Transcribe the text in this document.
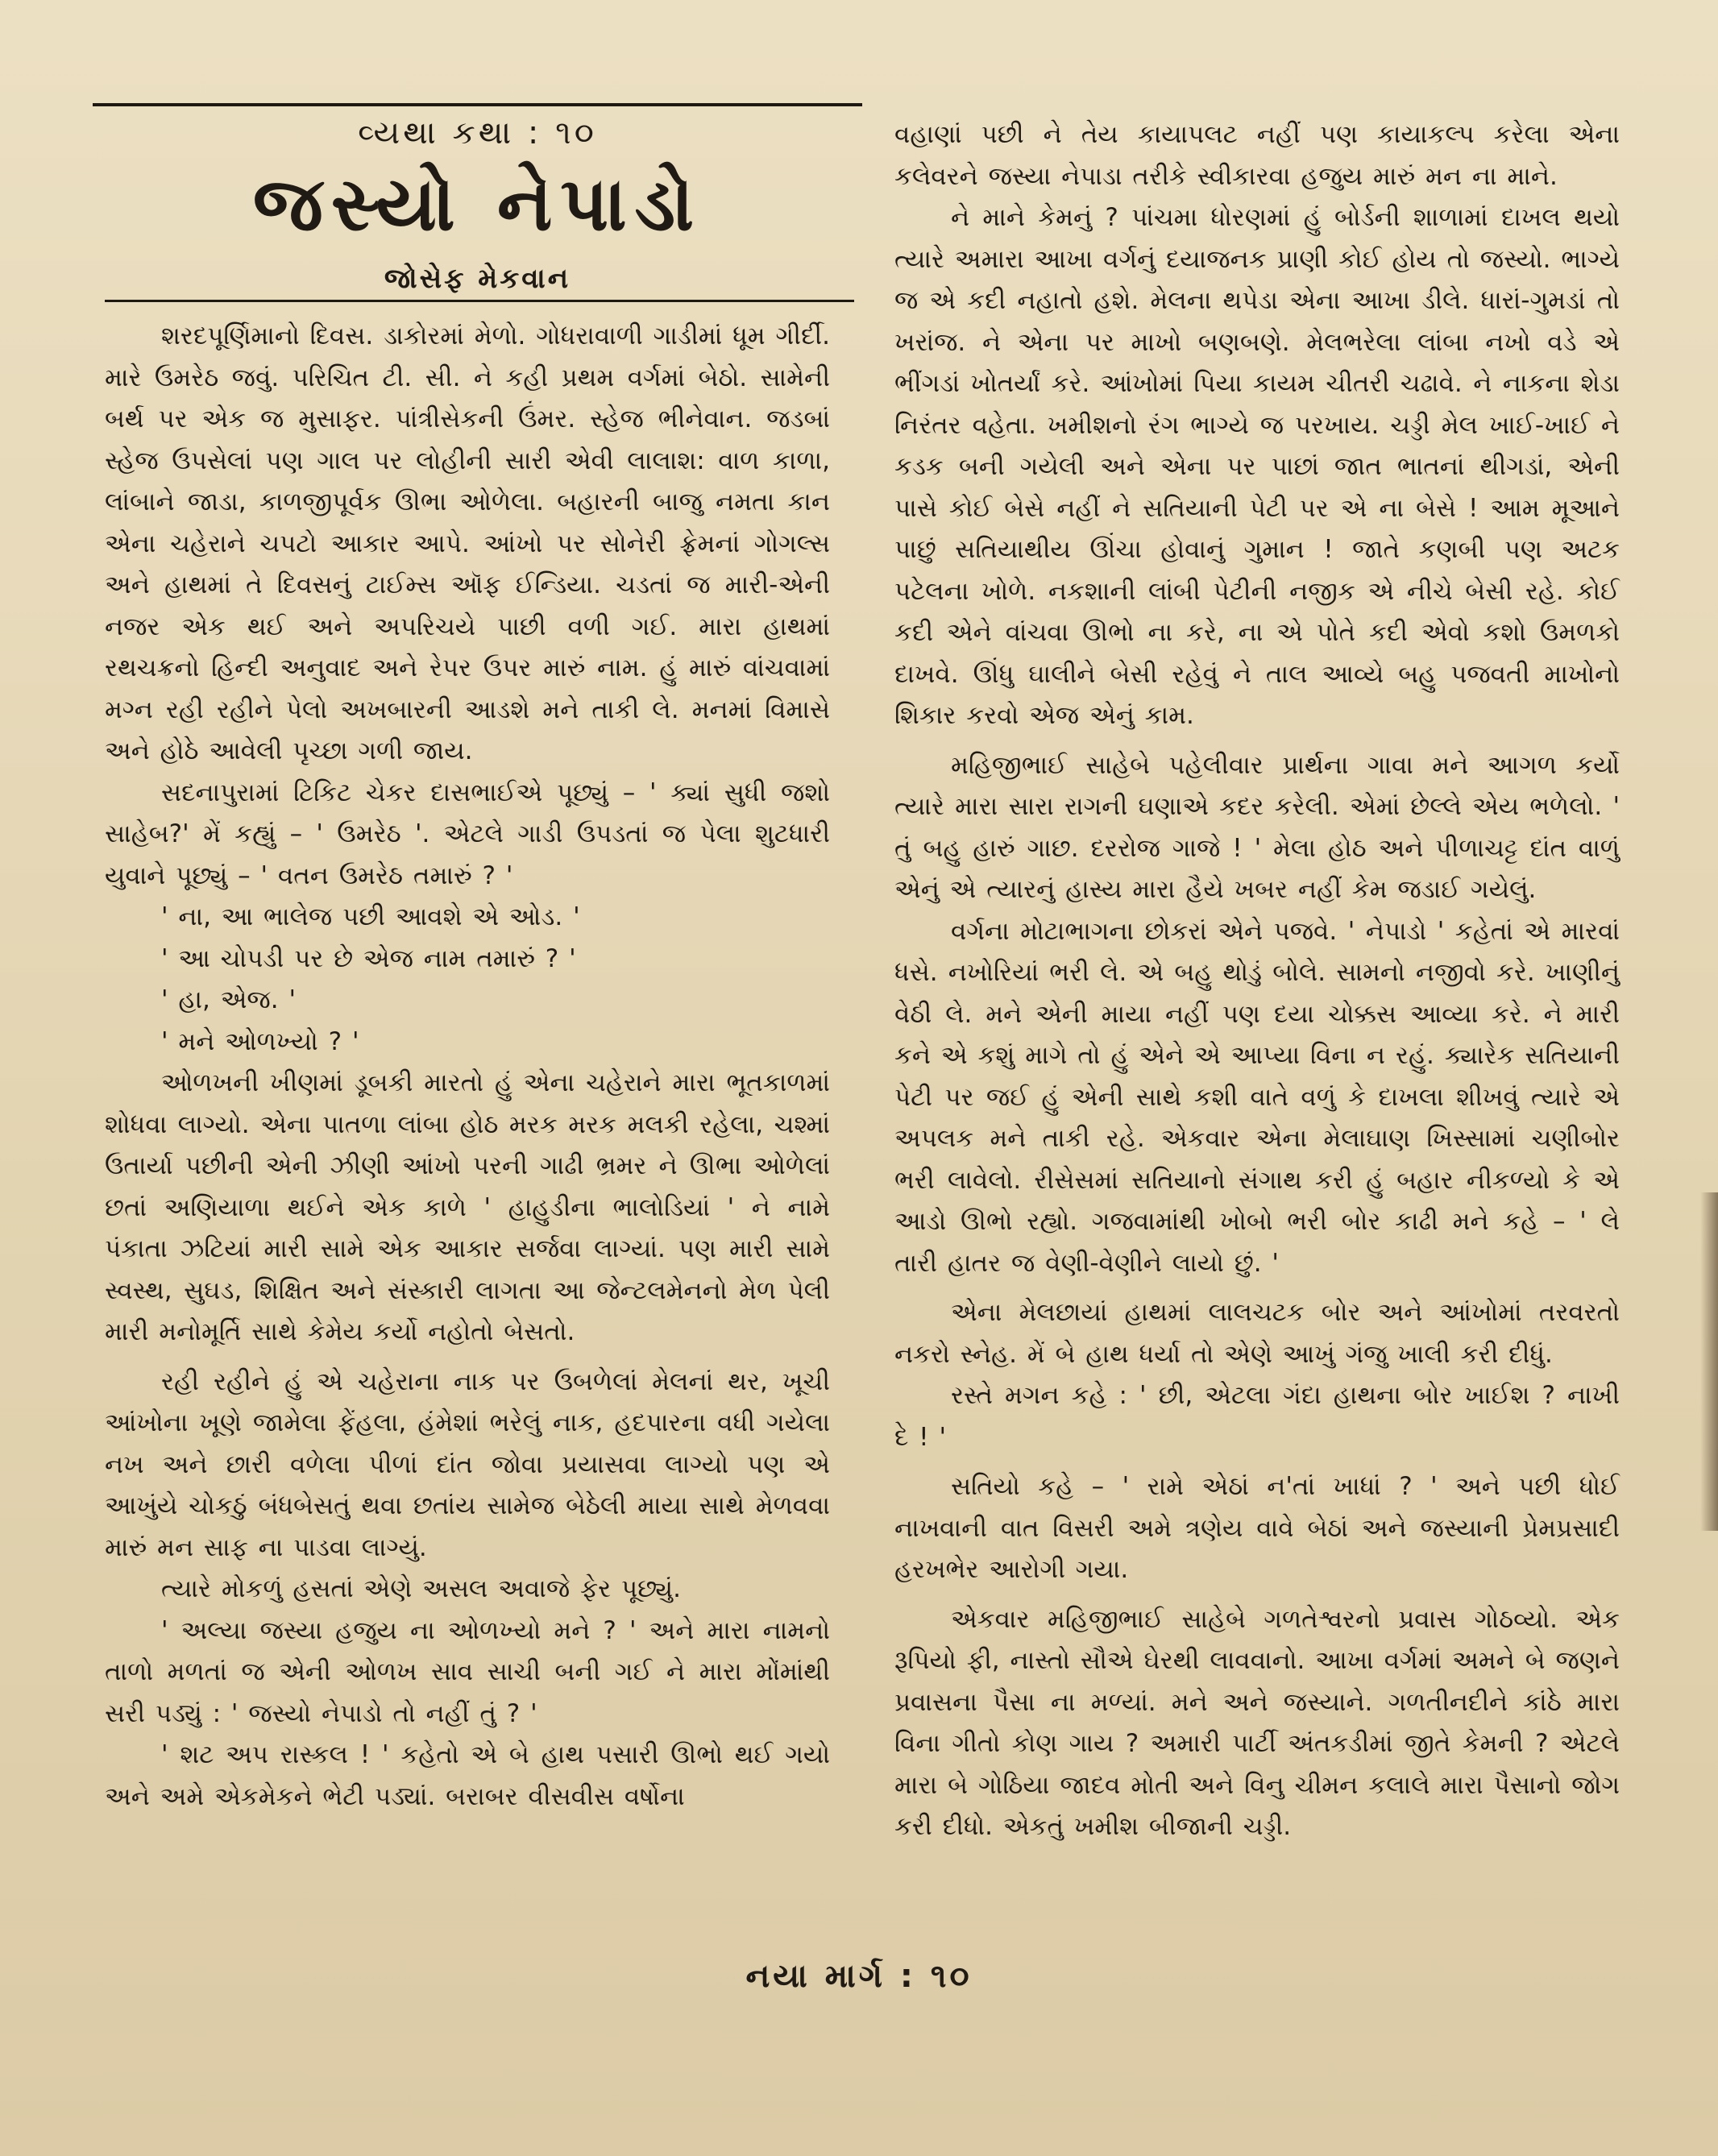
વ્યથા કથા : ૧૦
જસ્યો નેપાડો
જોસેફ મેકવાન

શરદપૂર્ણિમાનો દિવસ. ડાકોરમાં મેળો. ગોધરાવાળી ગાડીમાં ધૂમ ગીર્દી. મારે ઉમરેઠ જવું. પરિચિત ટી. સી. ને કહી પ્રથમ વર્ગમાં બેઠો. સામેની બર્થ પર એક જ મુસાફર. પાંત્રીસેકની ઉંમર. સ્હેજ ભીનેવાન. જડબાં સ્હેજ ઉપસેલાં પણ ગાલ પર લોહીની સારી એવી લાલાશ: વાળ કાળા, લાંબાને જાડા, કાળજીપૂર્વક ઊભા ઓળેલા. બહારની બાજુ નમતા કાન એના ચહેરાને ચપટો આકાર આપે. આંખો પર સોનેરી ફ્રેમનાં ગોગલ્સ અને હાથમાં તે દિવસનું ટાઈમ્સ ઑફ ઈન્ડિયા. ચડતાં જ મારી-એની નજર એક થઈ અને અપરિચયે પાછી વળી ગઈ. મારા હાથમાં રથચક્રનો હિન્દી અનુવાદ અને રેપર ઉપર મારું નામ. હું મારું વાંચવામાં મગ્ન રહી રહીને પેલો અખબારની આડશે મને તાકી લે. મનમાં વિમાસે અને હોઠે આવેલી પૃચ્છા ગળી જાય.

સદનાપુરામાં ટિકિટ ચેકર દાસભાઈએ પૂછ્યું – ' ક્યાં સુધી જશો સાહેબ?' મેં કહ્યું – ' ઉમરેઠ '. એટલે ગાડી ઉપડતાં જ પેલા શુટધારી યુવાને પૂછ્યું – ' વતન ઉમરેઠ તમારું ? '

' ના, આ ભાલેજ પછી આવશે એ ઓડ. '

' આ ચોપડી પર છે એજ નામ તમારું ? '

' હા, એજ. '

' મને ઓળખ્યો ? '

ઓળખની ખીણમાં ડૂબકી મારતો હું એના ચહેરાને મારા ભૂતકાળમાં શોધવા લાગ્યો. એના પાતળા લાંબા હોઠ મરક મરક મલકી રહેલા, ચશ્માં ઉતાર્યા પછીની એની ઝીણી આંખો પરની ગાઢી ભ્રમર ને ઊભા ઓળેલાં છતાં અણિયાળા થઈને એક કાળે ' હાહુડીના ભાલોડિયાં ' ને નામે પંકાતા ઝટિયાં મારી સામે એક આકાર સર્જવા લાગ્યાં. પણ મારી સામે સ્વસ્થ, સુઘડ, શિક્ષિત અને સંસ્કારી લાગતા આ જેન્ટલમેનનો મેળ પેલી મારી મનોમૂર્તિ સાથે કેમેય કર્યો નહોતો બેસતો.

રહી રહીને હું એ ચહેરાના નાક પર ઉબળેલાં મેલનાં થર, ખૂચી આંખોના ખૂણે જામેલા ફેંહલા, હંમેશાં ભરેલું નાક, હદપારના વધી ગયેલા નખ અને છારી વળેલા પીળાં દાંત જોવા પ્રયાસવા લાગ્યો પણ એ આખુંયે ચોકઠું બંધબેસતું થવા છતાંય સામેજ બેઠેલી માયા સાથે મેળવવા મારું મન સાફ ના પાડવા લાગ્યું.

ત્યારે મોકળું હસતાં એણે અસલ અવાજે ફેર પૂછ્યું.

' અલ્યા જસ્યા હજુય ના ઓળખ્યો મને ? ' અને મારા નામનો તાળો મળતાં જ એની ઓળખ સાવ સાચી બની ગઈ ને મારા મોંમાંથી સરી પડ્યું : ' જસ્યો નેપાડો તો નહીં તું ? '

' શટ અપ રાસ્કલ ! ' કહેતો એ બે હાથ પસારી ઊભો થઈ ગયો અને અમે એકમેકને ભેટી પડ્યાં. બરાબર વીસવીસ વર્ષોના

વહાણાં પછી ને તેય કાયાપલટ નહીં પણ કાયાકલ્પ કરેલા એના કલેવરને જસ્યા નેપાડા તરીકે સ્વીકારવા હજુય મારું મન ના માને.

ને માને કેમનું ? પાંચમા ધોરણમાં હું બોર્ડની શાળામાં દાખલ થયો ત્યારે અમારા આખા વર્ગનું દયાજનક પ્રાણી કોઈ હોય તો જસ્યો. ભાગ્યે જ એ કદી નહાતો હશે. મેલના થપેડા એના આખા ડીલે. ધારાં-ગુમડાં તો ખરાંજ. ને એના પર માખો બણબણે. મેલભરેલા લાંબા નખો વડે એ ભીંગડાં ખોતર્યાં કરે. આંખોમાં પિયા કાયમ ચીતરી ચઢાવે. ને નાકના શેડા નિરંતર વહેતા. ખમીશનો રંગ ભાગ્યે જ પરખાય. ચડ્ડી મેલ ખાઈ-ખાઈ ને કડક બની ગયેલી અને એના પર પાછાં જાત ભાતનાં થીગડાં, એની પાસે કોઈ બેસે નહીં ને સતિયાની પેટી પર એ ના બેસે ! આમ મૂઆને પાછું સતિયાથીય ઊંચા હોવાનું ગુમાન ! જાતે કણબી પણ અટક પટેલના ખોળે. નકશાની લાંબી પેટીની નજીક એ નીચે બેસી રહે. કોઈ કદી એને વાંચવા ઊભો ના કરે, ના એ પોતે કદી એવો કશો ઉમળકો દાખવે. ઊંધુ ઘાલીને બેસી રહેવું ને તાલ આવ્યે બહુ પજવતી માખોનો શિકાર કરવો એજ એનું કામ.

મહિજીભાઈ સાહેબે પહેલીવાર પ્રાર્થના ગાવા મને આગળ કર્યો ત્યારે મારા સારા રાગની ઘણાએ કદર કરેલી. એમાં છેલ્લે એય ભળેલો. ' તું બહુ હારું ગાછ. દરરોજ ગાજે ! ' મેલા હોઠ અને પીળાચટ્ટ દાંત વાળું એનું એ ત્યારનું હાસ્ય મારા હૈયે ખબર નહીં કેમ જડાઈ ગયેલું.

વર્ગના મોટાભાગના છોકરાં એને પજવે. ' નેપાડો ' કહેતાં એ મારવાં ધસે. નખોરિયાં ભરી લે. એ બહુ થોડું બોલે. સામનો નજીવો કરે. ખાણીનું વેઠી લે. મને એની માયા નહીં પણ દયા ચોક્કસ આવ્યા કરે. ને મારી કને એ કશું માગે તો હું એને એ આપ્યા વિના ન રહું. ક્યારેક સતિયાની પેટી પર જઈ હું એની સાથે કશી વાતે વળું કે દાખલા શીખવું ત્યારે એ અપલક મને તાકી રહે. એકવાર એના મેલાઘાણ ખિસ્સામાં ચણીબોર ભરી લાવેલો. રીસેસમાં સતિયાનો સંગાથ કરી હું બહાર નીકળ્યો કે એ આડો ઊભો રહ્યો. ગજવામાંથી ખોબો ભરી બોર કાઢી મને કહે – ' લે તારી હાતર જ વેણી-વેણીને લાયો છું. '

એના મેલછાયાં હાથમાં લાલચટક બોર અને આંખોમાં તરવરતો નકરો સ્નેહ. મેં બે હાથ ધર્યા તો એણે આખું ગંજુ ખાલી કરી દીધું.

રસ્તે મગન કહે : ' છી, એટલા ગંદા હાથના બોર ખાઈશ ? નાખી દે ! '

સતિયો કહે – ' રામે એઠાં ન'તાં ખાધાં ? ' અને પછી ધોઈ નાખવાની વાત વિસરી અમે ત્રણેય વાવે બેઠાં અને જસ્યાની પ્રેમપ્રસાદી હરખભેર આરોગી ગયા.

એકવાર મહિજીભાઈ સાહેબે ગળતેશ્વરનો પ્રવાસ ગોઠવ્યો. એક રૂપિયો ફી, નાસ્તો સૌએ ઘેરથી લાવવાનો. આખા વર્ગમાં અમને બે જણને પ્રવાસના પૈસા ના મળ્યાં. મને અને જસ્યાને. ગળતીનદીને કાંઠે મારા વિના ગીતો કોણ ગાય ? અમારી પાર્ટી અંતકડીમાં જીતે કેમની ? એટલે મારા બે ગોઠિયા જાદવ મોતી અને વિનુ ચીમન કલાલે મારા પૈસાનો જોગ કરી દીધો. એકતું ખમીશ બીજાની ચડ્ડી.

નયા માર્ગ : ૧૦
